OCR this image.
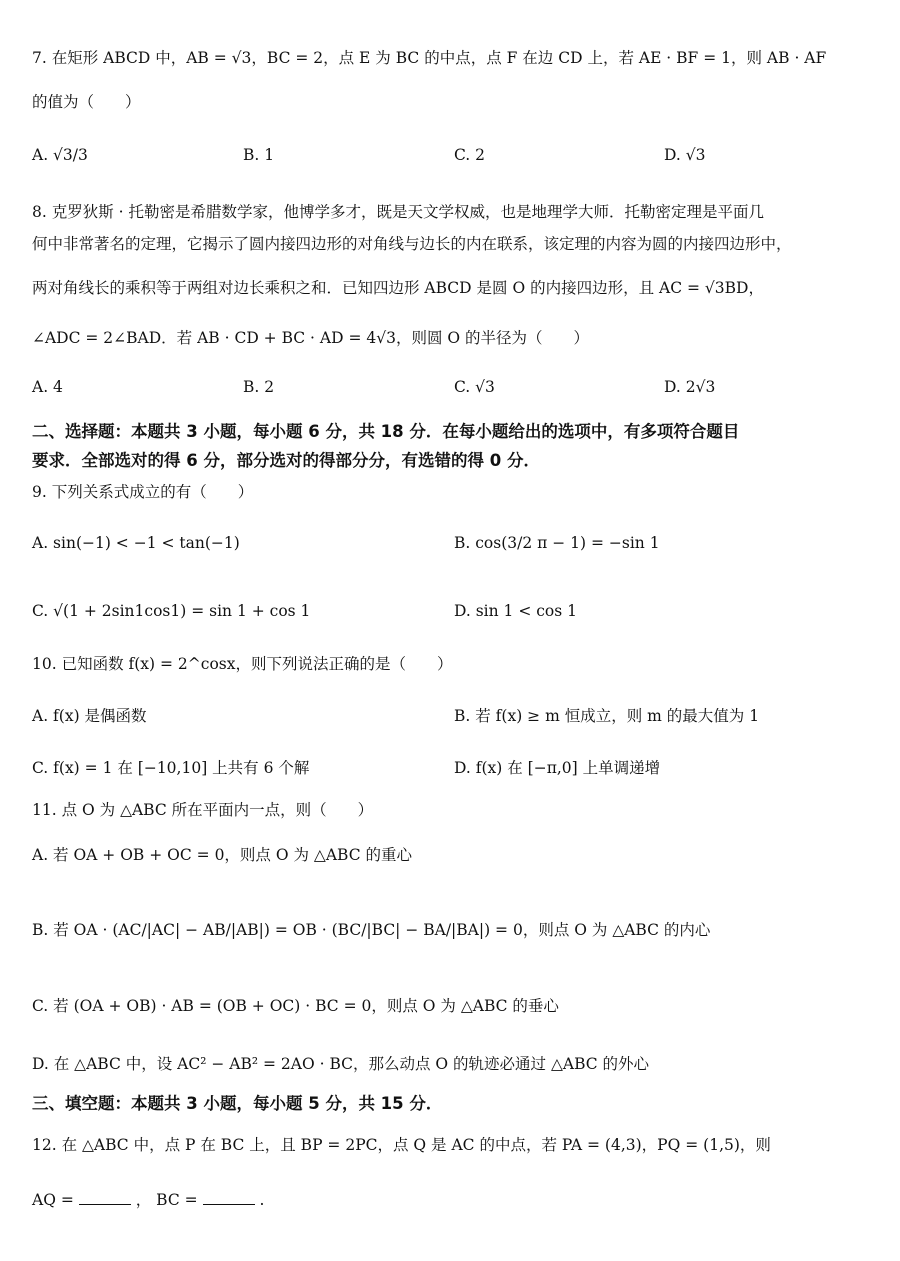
7. 在矩形 ABCD 中，AB = √3，BC = 2，点 E 为 BC 的中点，点 F 在边 CD 上，若 AE · BF = 1，则 AB · AF
的值为（　　）
A. √3/3	B. 1	C. 2	D. √3
8. 克罗狄斯 · 托勒密是希腊数学家，他博学多才，既是天文学权威，也是地理学大师．托勒密定理是平面几
何中非常著名的定理，它揭示了圆内接四边形的对角线与边长的内在联系，该定理的内容为圆的内接四边形中，
两对角线长的乘积等于两组对边长乘积之和．已知四边形 ABCD 是圆 O 的内接四边形，且 AC = √3BD，
∠ADC = 2∠BAD．若 AB · CD + BC · AD = 4√3，则圆 O 的半径为（　　）
A. 4	B. 2	C. √3	D. 2√3
二、选择题：本题共 3 小题，每小题 6 分，共 18 分．在每小题给出的选项中，有多项符合题目
要求．全部选对的得 6 分，部分选对的得部分分，有选错的得 0 分．
9. 下列关系式成立的有（　　）
A. sin(−1) < −1 < tan(−1)	B. cos(3/2 π − 1) = −sin 1
C. √(1 + 2sin1cos1) = sin 1 + cos 1	D. sin 1 < cos 1
10. 已知函数 f(x) = 2^cosx，则下列说法正确的是（　　）
A. f(x) 是偶函数	B. 若 f(x) ≥ m 恒成立，则 m 的最大值为 1
C. f(x) = 1 在 [−10,10] 上共有 6 个解	D. f(x) 在 [−π,0] 上单调递增
11. 点 O 为 △ABC 所在平面内一点，则（　　）
A. 若 OA + OB + OC = 0，则点 O 为 △ABC 的重心
B. 若 OA · (AC/|AC| − AB/|AB|) = OB · (BC/|BC| − BA/|BA|) = 0，则点 O 为 △ABC 的内心
C. 若 (OA + OB) · AB = (OB + OC) · BC = 0，则点 O 为 △ABC 的垂心
D. 在 △ABC 中，设 AC² − AB² = 2AO · BC，那么动点 O 的轨迹必通过 △ABC 的外心
三、填空题：本题共 3 小题，每小题 5 分，共 15 分．
12. 在 △ABC 中，点 P 在 BC 上，且 BP = 2PC，点 Q 是 AC 的中点，若 PA = (4,3)，PQ = (1,5)，则
AQ =	， BC =	.
